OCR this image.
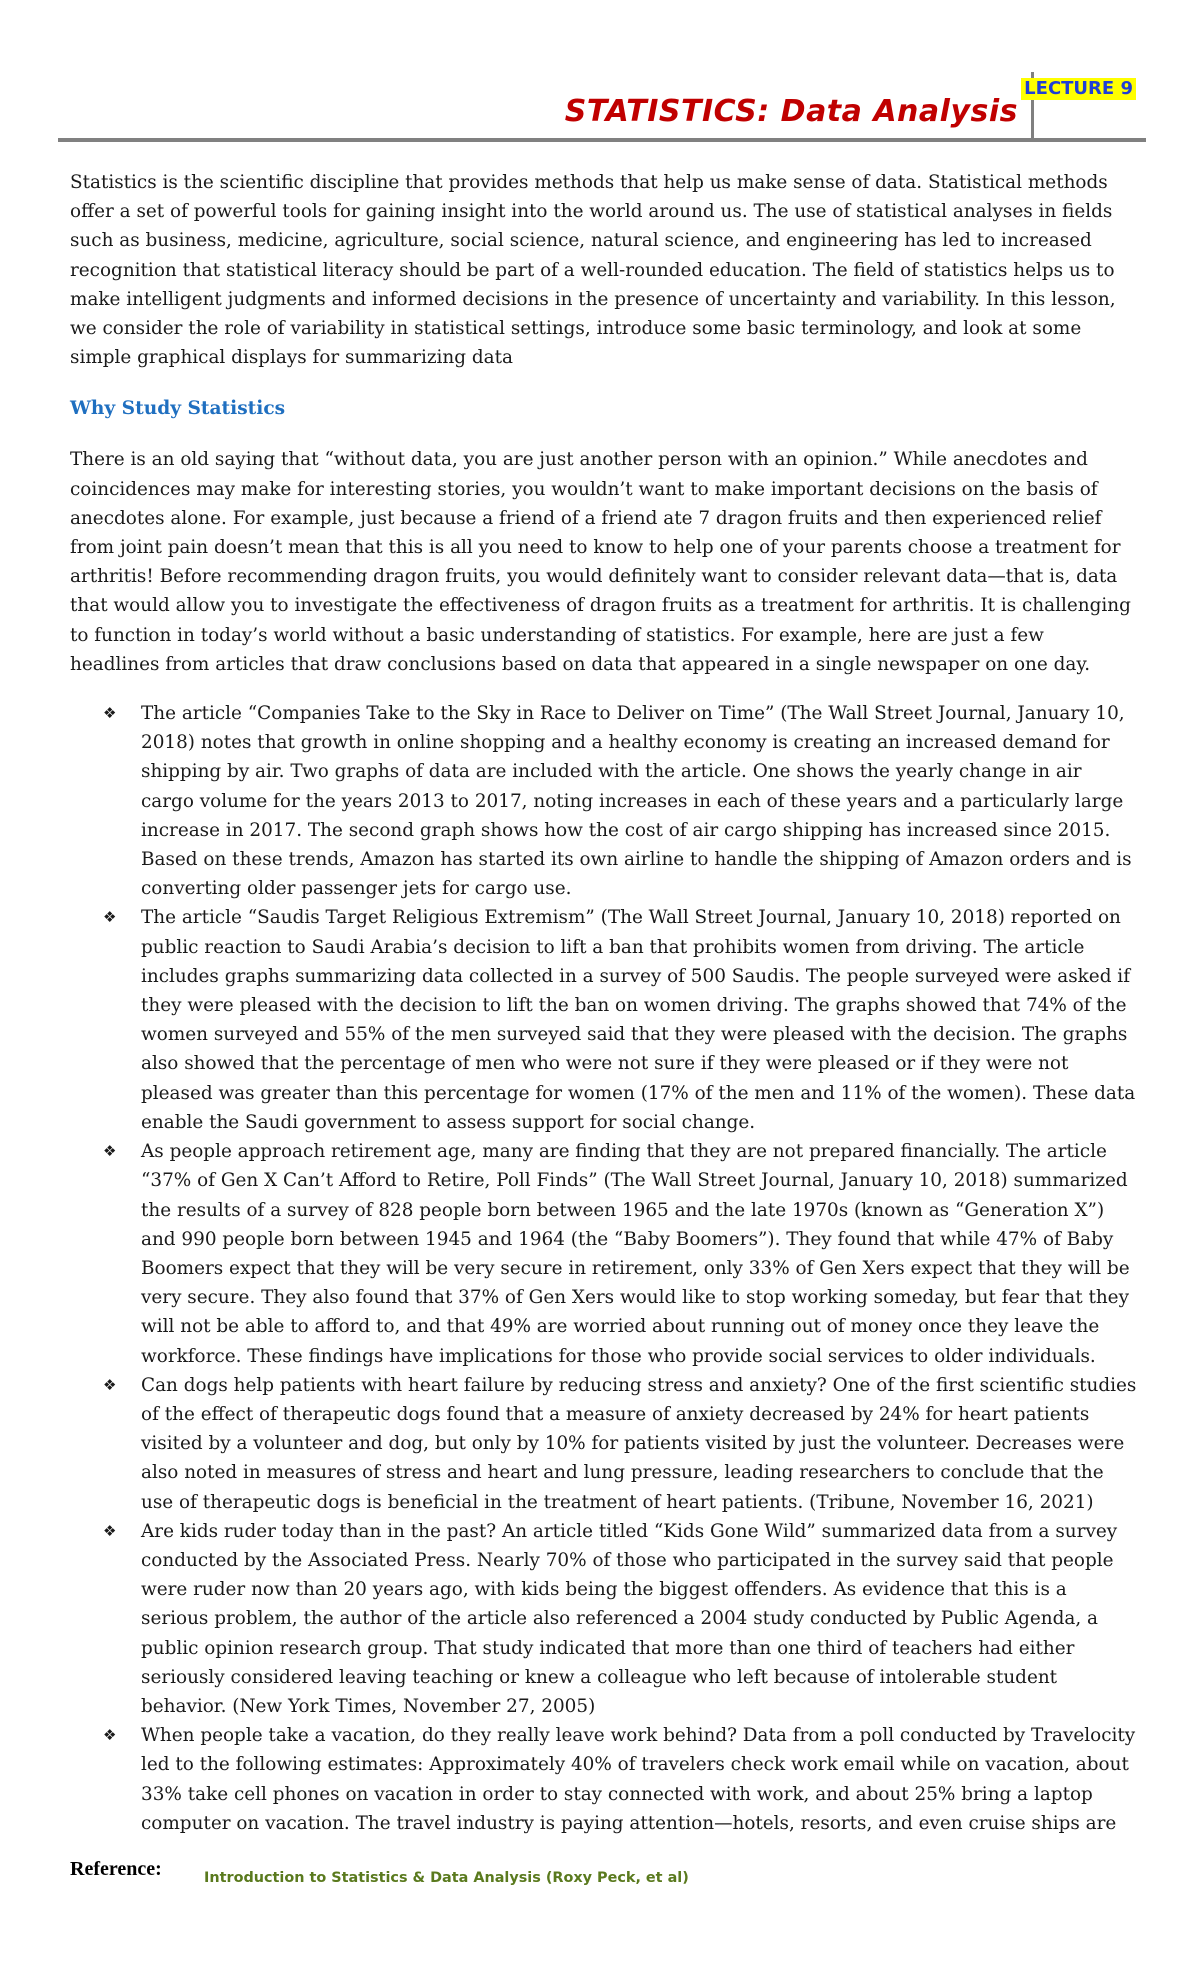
STATISTICS: Data Analysis
LECTURE 9

Statistics is the scientific discipline that provides methods that help us make sense of data. Statistical methods offer a set of powerful tools for gaining insight into the world around us. The use of statistical analyses in fields such as business, medicine, agriculture, social science, natural science, and engineering has led to increased recognition that statistical literacy should be part of a well-rounded education. The field of statistics helps us to make intelligent judgments and informed decisions in the presence of uncertainty and variability. In this lesson, we consider the role of variability in statistical settings, introduce some basic terminology, and look at some simple graphical displays for summarizing data

Why Study Statistics

There is an old saying that “without data, you are just another person with an opinion.” While anecdotes and coincidences may make for interesting stories, you wouldn’t want to make important decisions on the basis of anecdotes alone. For example, just because a friend of a friend ate 7 dragon fruits and then experienced relief from joint pain doesn’t mean that this is all you need to know to help one of your parents choose a treatment for arthritis! Before recommending dragon fruits, you would definitely want to consider relevant data—that is, data that would allow you to investigate the effectiveness of dragon fruits as a treatment for arthritis. It is challenging to function in today’s world without a basic understanding of statistics. For example, here are just a few headlines from articles that draw conclusions based on data that appeared in a single newspaper on one day.

❖ The article “Companies Take to the Sky in Race to Deliver on Time” (The Wall Street Journal, January 10, 2018) notes that growth in online shopping and a healthy economy is creating an increased demand for shipping by air. Two graphs of data are included with the article. One shows the yearly change in air cargo volume for the years 2013 to 2017, noting increases in each of these years and a particularly large increase in 2017. The second graph shows how the cost of air cargo shipping has increased since 2015. Based on these trends, Amazon has started its own airline to handle the shipping of Amazon orders and is converting older passenger jets for cargo use.
❖ The article “Saudis Target Religious Extremism” (The Wall Street Journal, January 10, 2018) reported on public reaction to Saudi Arabia’s decision to lift a ban that prohibits women from driving. The article includes graphs summarizing data collected in a survey of 500 Saudis. The people surveyed were asked if they were pleased with the decision to lift the ban on women driving. The graphs showed that 74% of the women surveyed and 55% of the men surveyed said that they were pleased with the decision. The graphs also showed that the percentage of men who were not sure if they were pleased or if they were not pleased was greater than this percentage for women (17% of the men and 11% of the women). These data enable the Saudi government to assess support for social change.
❖ As people approach retirement age, many are finding that they are not prepared financially. The article “37% of Gen X Can’t Afford to Retire, Poll Finds” (The Wall Street Journal, January 10, 2018) summarized the results of a survey of 828 people born between 1965 and the late 1970s (known as “Generation X”) and 990 people born between 1945 and 1964 (the “Baby Boomers”). They found that while 47% of Baby Boomers expect that they will be very secure in retirement, only 33% of Gen Xers expect that they will be very secure. They also found that 37% of Gen Xers would like to stop working someday, but fear that they will not be able to afford to, and that 49% are worried about running out of money once they leave the workforce. These findings have implications for those who provide social services to older individuals.
❖ Can dogs help patients with heart failure by reducing stress and anxiety? One of the first scientific studies of the effect of therapeutic dogs found that a measure of anxiety decreased by 24% for heart patients visited by a volunteer and dog, but only by 10% for patients visited by just the volunteer. Decreases were also noted in measures of stress and heart and lung pressure, leading researchers to conclude that the use of therapeutic dogs is beneficial in the treatment of heart patients. (Tribune, November 16, 2021)
❖ Are kids ruder today than in the past? An article titled “Kids Gone Wild” summarized data from a survey conducted by the Associated Press. Nearly 70% of those who participated in the survey said that people were ruder now than 20 years ago, with kids being the biggest offenders. As evidence that this is a serious problem, the author of the article also referenced a 2004 study conducted by Public Agenda, a public opinion research group. That study indicated that more than one third of teachers had either seriously considered leaving teaching or knew a colleague who left because of intolerable student behavior. (New York Times, November 27, 2005)
❖ When people take a vacation, do they really leave work behind? Data from a poll conducted by Travelocity led to the following estimates: Approximately 40% of travelers check work email while on vacation, about 33% take cell phones on vacation in order to stay connected with work, and about 25% bring a laptop computer on vacation. The travel industry is paying attention—hotels, resorts, and even cruise ships are
Reference:	Introduction to Statistics & Data Analysis (Roxy Peck, et al)
